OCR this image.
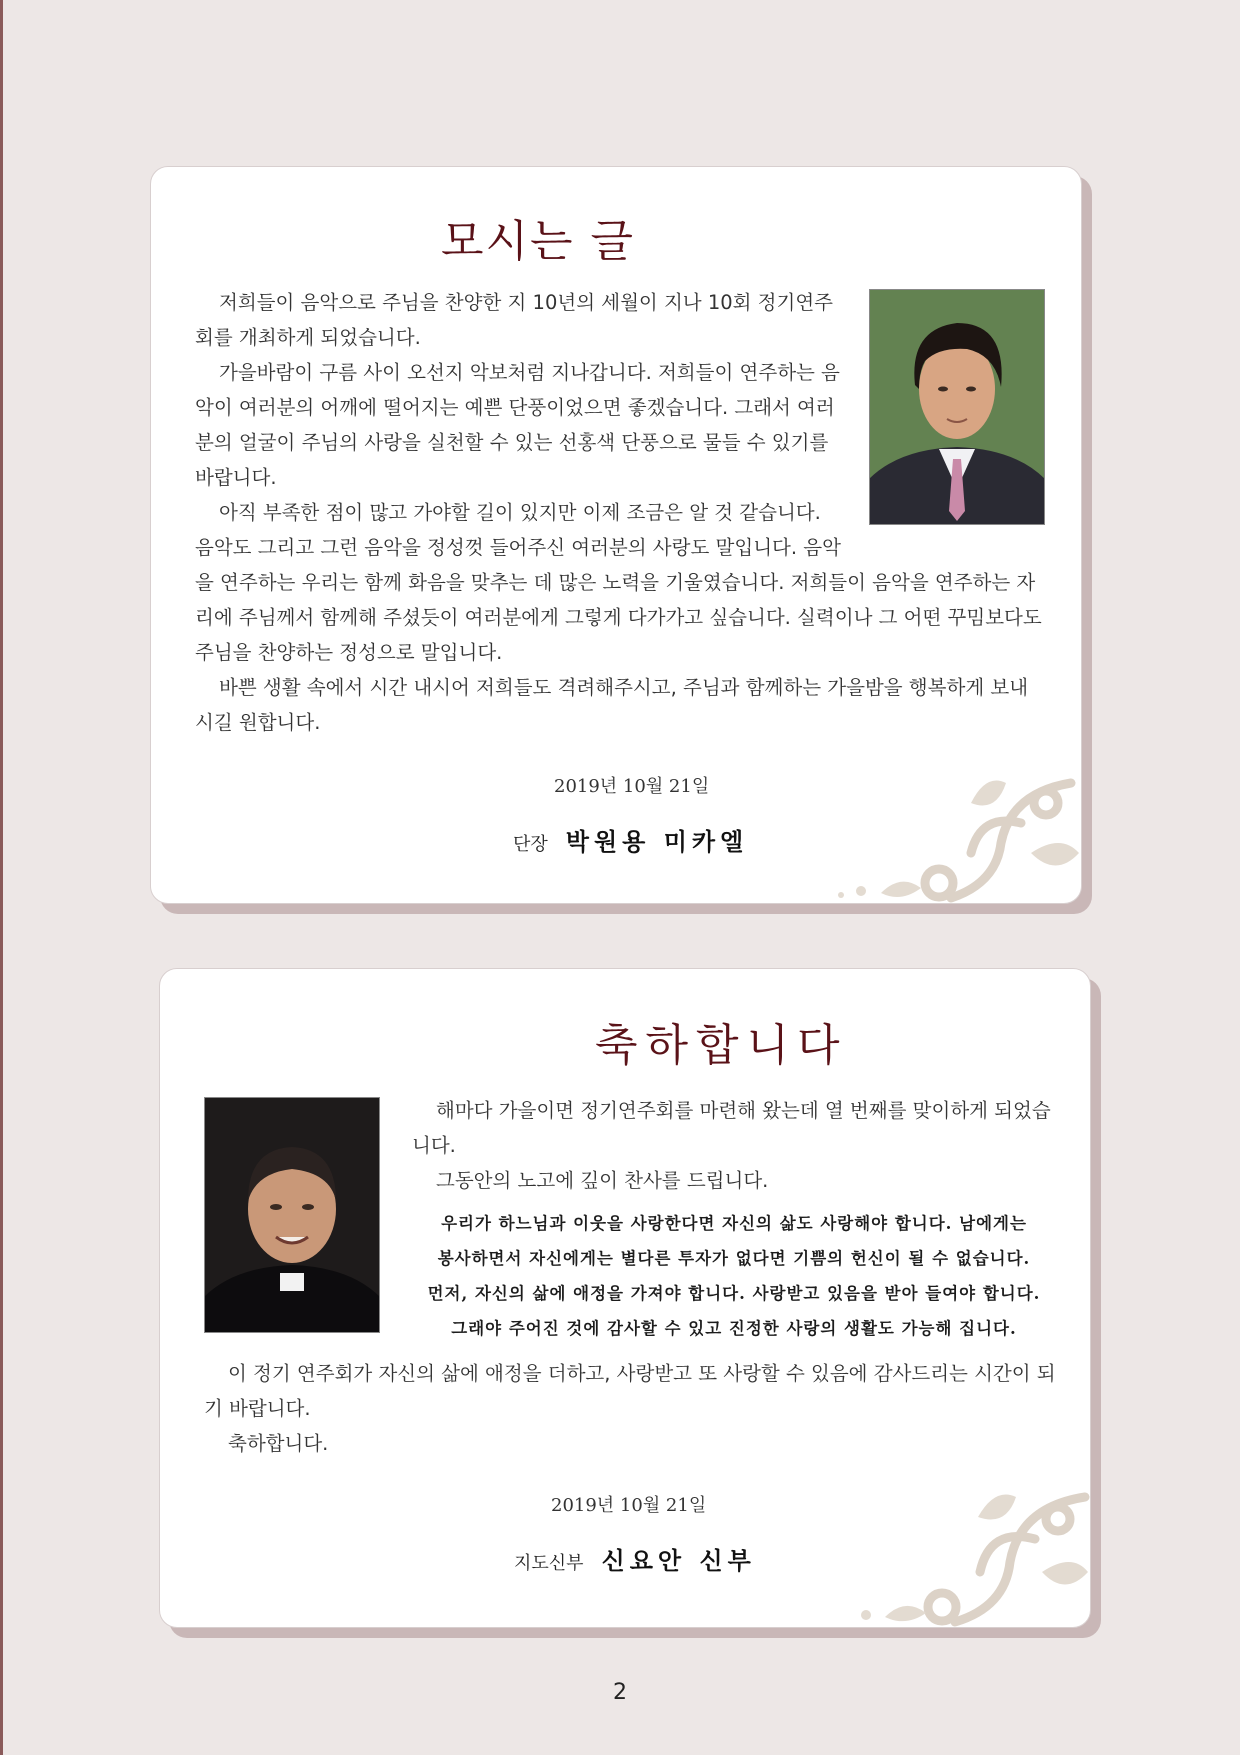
모시는 글

저희들이 음악으로 주님을 찬양한 지 10년의 세월이 지나 10회 정기연주회를 개최하게 되었습니다.

가을바람이 구름 사이 오선지 악보처럼 지나갑니다. 저희들이 연주하는 음악이 여러분의 어깨에 떨어지는 예쁜 단풍이었으면 좋겠습니다. 그래서 여러분의 얼굴이 주님의 사랑을 실천할 수 있는 선홍색 단풍으로 물들 수 있기를 바랍니다.

아직 부족한 점이 많고 가야할 길이 있지만 이제 조금은 알 것 같습니다. 음악도 그리고 그런 음악을 정성껏 들어주신 여러분의 사랑도 말입니다. 음악을 연주하는 우리는 함께 화음을 맞추는 데 많은 노력을 기울였습니다. 저희들이 음악을 연주하는 자리에 주님께서 함께해 주셨듯이 여러분에게 그렇게 다가가고 싶습니다. 실력이나 그 어떤 꾸밈보다도 주님을 찬양하는 정성으로 말입니다.

바쁜 생활 속에서 시간 내시어 저희들도 격려해주시고, 주님과 함께하는 가을밤을 행복하게 보내시길 원합니다.

2019년 10월 21일
단장 박원용 미카엘
축하합니다

해마다 가을이면 정기연주회를 마련해 왔는데 열 번째를 맞이하게 되었습니다.

그동안의 노고에 깊이 찬사를 드립니다.

우리가 하느님과 이웃을 사랑한다면 자신의 삶도 사랑해야 합니다. 남에게는
봉사하면서 자신에게는 별다른 투자가 없다면 기쁨의 헌신이 될 수 없습니다.
먼저, 자신의 삶에 애정을 가져야 합니다. 사랑받고 있음을 받아 들여야 합니다.
그래야 주어진 것에 감사할 수 있고 진정한 사랑의 생활도 가능해 집니다.

이 정기 연주회가 자신의 삶에 애정을 더하고, 사랑받고 또 사랑할 수 있음에 감사드리는 시간이 되기 바랍니다.

축하합니다.

2019년 10월 21일
지도신부 신요안 신부
2
